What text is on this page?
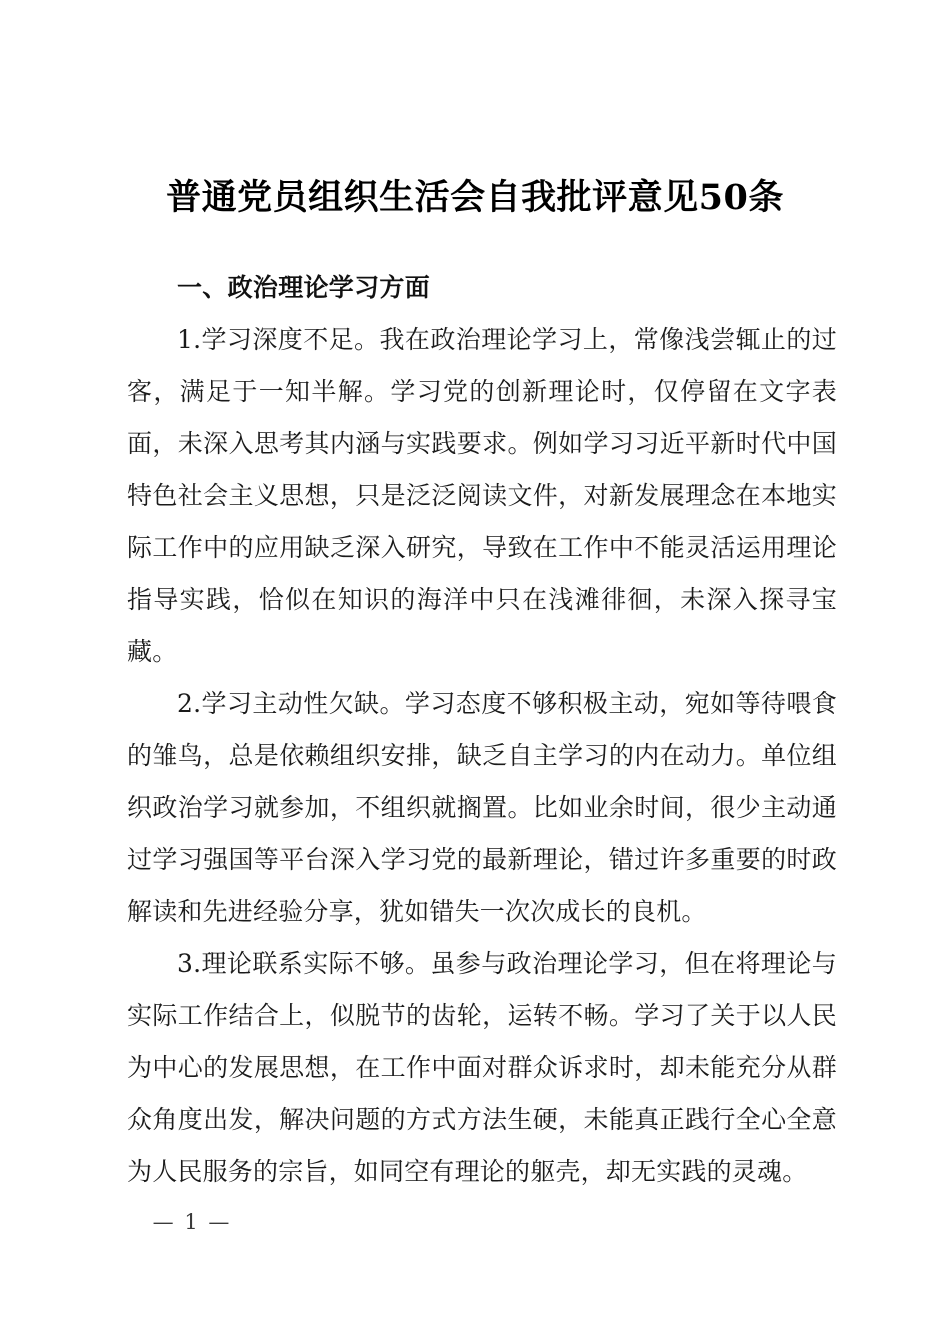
普通党员组织生活会自我批评意见50条
一、政治理论学习方面

1.学习深度不足。我在政治理论学习上，常像浅尝辄止的过客，满足于一知半解。学习党的创新理论时，仅停留在文字表面，未深入思考其内涵与实践要求。例如学习习近平新时代中国特色社会主义思想，只是泛泛阅读文件，对新发展理念在本地实际工作中的应用缺乏深入研究，导致在工作中不能灵活运用理论指导实践，恰似在知识的海洋中只在浅滩徘徊，未深入探寻宝藏。

2.学习主动性欠缺。学习态度不够积极主动，宛如等待喂食的雏鸟，总是依赖组织安排，缺乏自主学习的内在动力。单位组织政治学习就参加，不组织就搁置。比如业余时间，很少主动通过学习强国等平台深入学习党的最新理论，错过许多重要的时政解读和先进经验分享，犹如错失一次次成长的良机。

3.理论联系实际不够。虽参与政治理论学习，但在将理论与实际工作结合上，似脱节的齿轮，运转不畅。学习了关于以人民为中心的发展思想，在工作中面对群众诉求时，却未能充分从群众角度出发，解决问题的方式方法生硬，未能真正践行全心全意为人民服务的宗旨，如同空有理论的躯壳，却无实践的灵魂。

— 1 —
